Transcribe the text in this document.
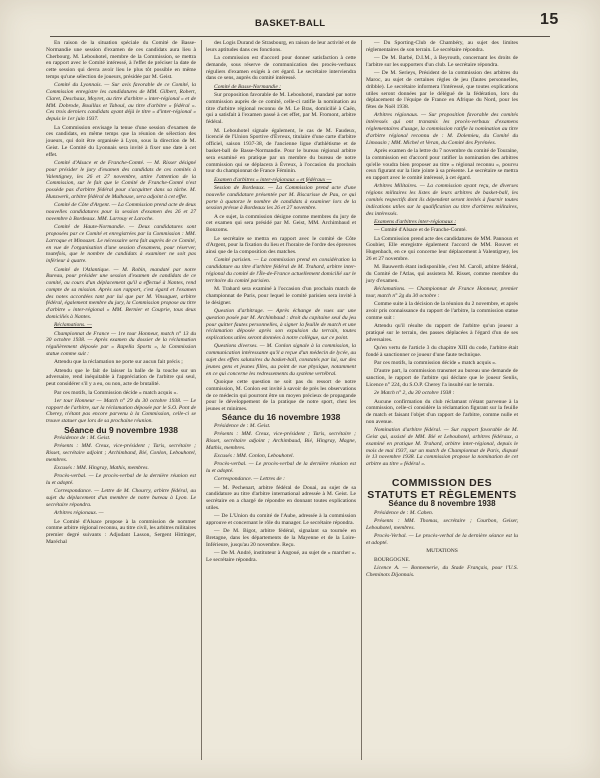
BASKET-BALL	15

En raison de la situation spéciale du Comité de Basse-Normandie une session d'examen de ces candidats aura lieu à Cherbourg. M. Lebouhotel, membre de la Commission, se mettra en rapport avec le Comité intéressé, à l'effet de préciser la date de cette session qui devra avoir lieu le plus tôt possible en même temps qu'une sélection de joueurs, présidée par M. Geist.

Comité du Lyonnais. — Sur avis favorable de ce Comité, la Commission enregistre les candidatures de MM. Gilbert, Robert, Claret, Deschaux, Moyret, au titre d'arbitre « inter-régional » et de MM. Dobrode, Bouillas et Taboul, au titre d'arbitre « fédéral ». Ces trois derniers candidats ayant déjà le titre « d'inter-régional » depuis le 1er juin 1937.

La Commission envisage la tenue d'une session d'examen de ces candidats, en même temps que la réunion de sélection des joueurs, qui doit être organisée à Lyon, sous la direction de M. Geist. Le Comité du Lyonnais sera invité à fixer une date à cet effet.

Comité d'Alsace et de Franche-Comté. — M. Risser désigné pour présider le jury d'examen des candidats de ces comités à Valentigney, les 26 et 27 novembre, attire l'attention de la Commission, sur le fait que le Comité de Franche-Comté n'est possède pas d'arbitre fédéral pour s'acquitter dans sa tâche. M. Hunzwerk, arbitre fédéral de Mulhouse, sera adjoint à cet effet.

Comité de Côte d'Argent. — La Commission prend acte de deux nouvelles candidatures pour la session d'examen des 26 et 27 novembre à Bordeaux. MM. Larrouy et Laroche.

Comité de Haute-Normandie. — Deux candidatures sont proposées par ce Comité et enregistrées par la Commission : MM. Larroque et Minouzet. Le nécessaire sera fait auprès de ce Comité, en vue de l'organisation d'une session d'examens, pour réserver, toutefois, que le nombre de candidats à examiner ne soit pas inférieur à quatre.

Comité de l'Atlantique. — M. Robin, mandaté par notre Bureau, pour présider une session d'examen de candidats de ce comité, au cours d'un déplacement qu'il a effectué à Nantes, rend compte de sa mission. Après son rapport, c'est égard et l'examen des notes accordées tant par lui que par M. Vinsaguet, arbitre fédéral, également membre du jury, la Commission propose au titre d'arbitre « inter-régional » MM. Bernier et Couprie, tous deux domiciliés à Nantes.

Réclamations. —

Championnat de France — 1re tour Honneur, match n° 13 du 30 octobre 1938. — Après examen du dossier de la réclamation régulièrement déposée par « Rapella Sports », la Commission statue comme suit :

Attendu que la réclamation ne porte sur aucun fait précis ;

Attendu que le fait de laisser la balle de la touche sur un adversaire, rend inéquitable à l'appréciation de l'arbitre qui seul, peut considérer s'il y a eu, ou non, acte de brutalité.

Par ces motifs, la Commission décide « match acquis ».

1er tour Honneur — Match n° 29 du 30 octobre 1938. — Le rapport de l'arbitre, sur la réclamation déposée par le S.O. Pont de Cherey, n'étant pas encore parvenu à la Commission, celle-ci se trouve statuer que lors de sa prochaine réunion.

Séance du 9 novembre 1938

Présidence de : M. Geist.

Présents : MM. Creux, vice-président ; Taris, secrétaire ; Risset, secrétaire adjoint ; Archimband, Bié, Conlon, Lebouhotel, membres.

Excusés : MM. Hingray, Mathis, membres.

Procès-verbal. — Le procès-verbal de la dernière réunion est lu et adopté.

Correspondance. — Lettre de M. Chourry, arbitre fédéral, au sujet du déplacement d'un membre de notre bureau à Lyon. Le secrétaire répondra.

Arbitres régionaux. —

Le Comité d'Alsace propose à la commission de nommer comme arbitre régional reconnu, au titre civil, les arbitres militaires premier degré suivants : Adjudant Lasson, Sergent Hittinger, Maréchal

des Logis Durand de Strasbourg, en raison de leur activité et de leurs aptitudes dans ces fonctions.

La commission est d'accord pour donner satisfaction à cette demande, sous réserve de communication des procès-verbaux réguliers d'examen exigés à cet égard. Le secrétaire interviendra dans ce sens, auprès du comité intéressé.

Comité de Basse-Normandie :

Sur proposition favorable de M. Lebouhotel, mandaté par notre commission auprès de ce comité, celle-ci ratifie la nomination au titre d'arbitre régional reconnu de M. Le Bras, domicilié à Caën, qui a satisfait à l'examen passé à cet effet, par M. Fromont, arbitre fédéral.

M. Lebouhotel signale également, le cas de M. Faudeux, licencié de l'Union Sportive d'Évreux, titulaire d'une carte d'arbitre officiel, saison 1937-38, de l'ancienne ligue d'athlétisme et de basket-ball de Basse-Normandie. Pour le bureau régional arbitre sera examiné en pratique par un membre du bureau de notre commission qui se déplacera à Évreux, à l'occasion du prochain tour du championnat de France Féminin.

Examen d'arbitres « inter-régionaux » et fédéraux —

Session de Bordeaux. — La Commission prend acte d'une nouvelle candidature présentée par M. Biscarisse de Pau, ce qui porte à quatorze le nombre de candidats à examiner lors de la session prévue à Bordeaux les 26 et 27 novembre.

A ce sujet, la commission désigne comme membres du jury de cet examen qui sera présidé par M. Geist, MM. Archimbaud et Bonzoms.

Le secrétaire se mettra en rapport avec le comité de Côte d'Argent, pour la fixation du lieu et l'horaire de l'ordre des épreuves ainsi que de la composition des matches.

Comité parisien. — La commission prend en considération la candidature au titre d'arbitre fédéral de M. Trahard, arbitre inter-régional du comité de l'Île-de-France actuellement domicilié sur le territoire du comité parisien.

M. Trahard sera examiné à l'occasion d'un prochain match de championnat de Paris, pour lequel le comité parisien sera invité à le désigner.

Question d'arbitrage. — Après échange de vues sur une question posée par M. Archimbaud : droit du capitaine seul du jeu pour quitter fautes personnelles, à signer la feuille de match et une réclamation déposée après son expulsion du terrain, toutes explications utiles seront données à notre collègue, sur ce point.

Questions diverses. — M. Conlon signale à la commission, la communication intéressante qu'il a reçue d'un médecin de lycée, au sujet des effets salutaires du basket-ball, constatés par lui, sur des jeunes gens et jeunes filles, au point de vue physique, notamment en ce qui concerne les redressements du système vertébral.

Quoique cette question ne soit pas du ressort de notre commission, M. Conlon est invité à savoir de près les observations de ce médecin qui pourront être un moyen précieux de propagande pour le développement de la pratique de notre sport, chez les jeunes et minimes.

Séance du 16 novembre 1938

Présidence de : M. Geist.

Présents : MM. Creux, vice-président ; Taris, secrétaire ; Risset, secrétaire adjoint ; Archimbaud, Bié, Hingray, Magne, Mathis, membres.

Excusés : MM. Conlon, Lebouhotel.

Procès-verbal. — Le procès-verbal de la dernière réunion est lu et adopté.

Correspondance. — Lettres de :

— M. Pechenart, arbitre fédéral de Douai, au sujet de sa candidature au titre d'arbitre international adressée à M. Geist. Le secrétaire en a chargé de répondre en donnant toutes explications utiles.

— De L'Union du comité de l'Aube, adressée à la commission approuve et concernant le rôle du manager. Le secrétaire répondra.

— De M. Bigot, arbitre fédéral, signalant sa tournée en Bretagne, dans les départements de la Mayenne et de la Loire-Inférieure, jusqu'au 20 novembre. Reçu.

— De M. André, instituteur à Angoué, au sujet de « marcher ». Le secrétaire répondra.

— Du Sporting-Club de Chambéry, au sujet des limites réglementaires de son terrain. Le secrétaire répondra.

— De M. Barbé, D.I.M., à Beyrouth, concernant les droits de l'arbitre sur les supporters d'un club. Le secrétaire répondra.

— De M. Serieys, Président de la commission des arbitres du Maroc, au sujet de certaines règles de jeu (fautes personnelles, dribble). Le secrétaire informera l'intéressé, que toutes explications utiles seront données par le délégué de la fédération, lors du déplacement de l'équipe de France en Afrique du Nord, pour les fêtes de Noël 1938.

Arbitres régionaux. — Sur proposition favorable des comités intéressés qui ont transmis les procès-verbaux d'examens réglementaires d'usage, la commission ratifie la nomination au titre d'arbitre régional reconnu de : M. Dolemieu, du Comité du Limousin ; MM. Michel et Veran, du Comité des Pyrénées.

Après examen de la lettre du 7 novembre du comité de Touraine, la commission est d'accord pour ratifier la nomination des arbitres qu'elle voudra bien proposer au titre « régional reconnu », pourvu ceux figurant sur la liste jointe à sa présente. Le secrétaire se mettra en rapport avec le comité intéressé, à cet égard.

Arbitres Militaires. — La commission ayant reçu, de diverses régions militaires les listes de leurs arbitres de basket-ball, les comités respectifs dont ils dépendent seront invités à fournir toutes indications utiles sur la qualification au titre d'arbitres militaires, des intéressés.

Examens d'arbitres inter-régionaux :

— Comité d'Alsace et de Franche-Comté.

La Commission prend acte des candidatures de MM. Pannoux et Goubier, Elle enregistre également l'accord de MM. Rouvet et Hugenbach, en ce qui concerne leur déplacement à Valentigney, les 26 et 27 novembre.

M. Bauwerth étant indisponible, c'est M. Caroll, arbitre fédéral, du Comité de l'Atlas, qui assistera M. Risset, comme membre du jury d'examen.

Réclamations. — Championnat de France Honneur, premier tour, match n° 2g du 30 octobre :

Comme suite à la décision de la réunion du 2 novembre, et après avoir pris connaissance du rapport de l'arbitre, la commission statue comme suit :

Attendu qu'il résulte du rapport de l'arbitre qu'un joueur a pratiqué sur le terrain, des passes déplacées à l'égard d'un de ses adversaires.

Qu'en vertu de l'article 3 du chapitre XIII du code, l'arbitre était fondé à sanctionner ce joueur d'une faute technique.

Par ces motifs, la commission décide « match acquis ».

D'autre part, la commission transmet au bureau une demande de sanction, le rapport de l'arbitre qui déclare que le joueur Senlis, Licence n° 224, du S.O.P. Cherey l'a insulté sur le terrain.

2e Match n° 2, du 30 octobre 1938 :

Aucune confirmation du club réclamant n'étant parvenue à la commission, celle-ci considère la réclamation figurant sur la feuille de match et faisant l'objet d'un rapport de l'arbitre, comme nulle et non avenue.

Nomination d'arbitre fédéral. — Sur rapport favorable de M. Geist qui, assisté de MM. Bié et Lebouhotel, arbitres fédéraux, a examiné en pratique M. Trahard, arbitre inter-régional, depuis le mois de mai 1937, sur un match de Championnat de Paris, disputé le 13 novembre 1938. La commission propose la nomination de cet arbitre au titre « fédéral ».

COMMISSION DES
STATUTS ET RÈGLEMENTS
Séance du 8 novembre 1938

Présidence de : M. Cahen.

Présents : MM. Thomas, secrétaire ; Courbon, Geiser, Lebouhotel, membres.

Procès-Verbal. — Le procès-verbal de la dernière séance est lu et adopté.

MUTATIONS

BOURGOGNE.

Licence A. — Bonnemerie, du Stade Français, pour l'U.S. Cheminots Dijonnais.
